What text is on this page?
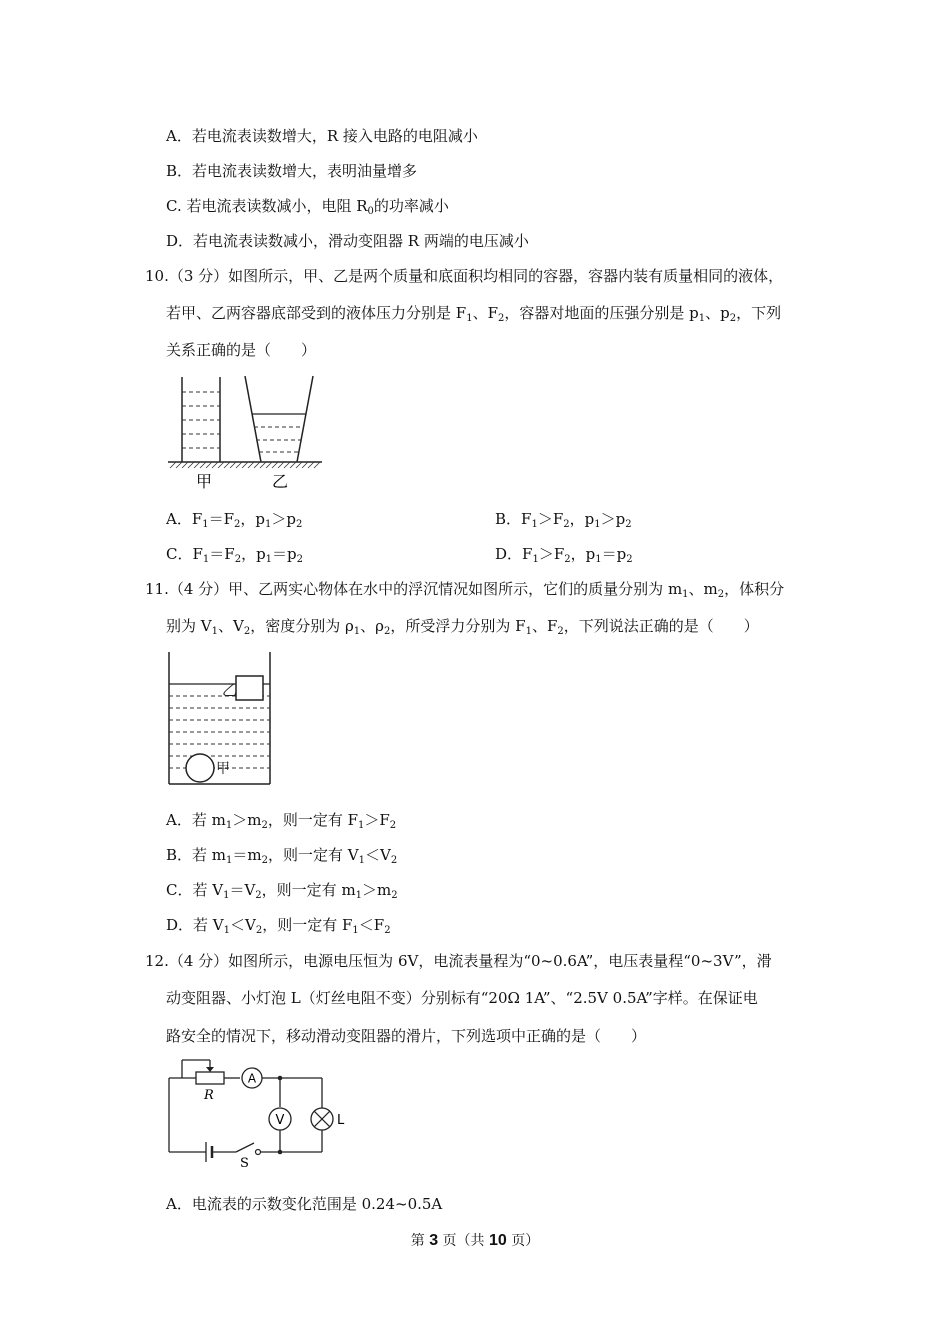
A．若电流表读数增大，R 接入电路的电阻减小
B．若电流表读数增大，表明油量增多
C. 若电流表读数减小，电阻 $R_0$的功率减小
D．若电流表读数减小，滑动变阻器 R 两端的电压减小
10.（3 分）如图所示，甲、乙是两个质量和底面积均相同的容器，容器内装有质量相同的液体，
若甲、乙两容器底部受到的液体压力分别是 $F_1$、$F_2$，容器对地面的压强分别是 $p_1$、$p_2$，下列
关系正确的是（　　）
甲	乙
A．$F_1=F_2$，$p_1>p_2$	B．$F_1>F_2$，$p_1>p_2$
C．$F_1=F_2$，$p_1=p_2$	D．$F_1>F_2$，$p_1=p_2$
11.（4 分）甲、乙两实心物体在水中的浮沉情况如图所示，它们的质量分别为 $m_1$、$m_2$，体积分
别为 $V_1$、$V_2$，密度分别为 $\rho_1$、$\rho_2$，所受浮力分别为 $F_1$、$F_2$，下列说法正确的是（　　）
乙
甲
A．若 $m_1>m_2$，则一定有 $F_1>F_2$
B．若 $m_1=m_2$，则一定有 $V_1<V_2$
C．若 $V_1=V_2$，则一定有 $m_1>m_2$
D．若 $V_1<V_2$，则一定有 $F_1<F_2$
12.（4 分）如图所示，电源电压恒为 6V，电流表量程为“0~0.6A”，电压表量程“0~3V”，滑
动变阻器、小灯泡 L（灯丝电阻不变）分别标有“20Ω 1A”、“2.5V 0.5A”字样。在保证电
路安全的情况下，移动滑动变阻器的滑片，下列选项中正确的是（　　）
S
R
A
V	L
A．电流表的示数变化范围是 0.24~0.5A
第 3 页（共 10 页）
